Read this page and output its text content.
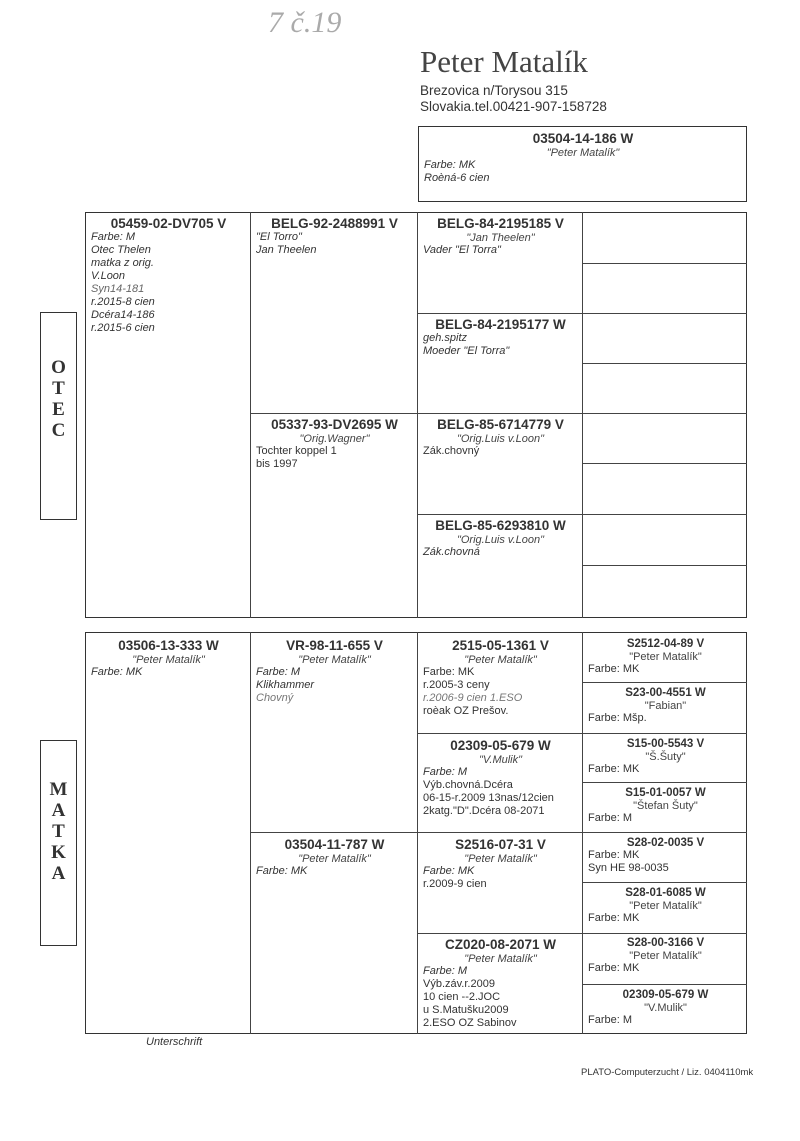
7 č.19
Peter Matalík
Brezovica n/Torysou 315
Slovakia.tel.00421-907-158728
03504-14-186 W
"Peter Matalík"
Farbe: MK
Roèná-6 cien
O
T
E
C
M
A
T
K
A
05459-02-DV705 V
Farbe: M
Otec Thelen
matka z orig.
V.Loon
Syn14-181
r.2015-8 cien
Dcéra14-186
r.2015-6 cien
BELG-92-2488991 V
"El Torro"
Jan Theelen
05337-93-DV2695 W
"Orig.Wagner"
Tochter koppel 1
bis 1997
BELG-84-2195185 V
"Jan Theelen"
Vader "El Torra"
BELG-84-2195177 W
geh.spitz
Moeder "El Torra"
BELG-85-6714779 V
"Orig.Luis v.Loon"
Zák.chovný
BELG-85-6293810 W
"Orig.Luis v.Loon"
Zák.chovná
03506-13-333 W
"Peter Matalík"
Farbe: MK
VR-98-11-655 V
"Peter Matalík"
Farbe: M
Klikhammer
Chovný
03504-11-787 W
"Peter Matalík"
Farbe: MK
2515-05-1361 V
"Peter Matalík"
Farbe: MK
r.2005-3 ceny
r.2006-9 cien 1.ESO
roèak OZ Prešov.
02309-05-679 W
"V.Mulik"
Farbe: M
Výb.chovná.Dcéra
06-15-r.2009 13nas/12cien
2katg."D".Dcéra 08-2071
S2516-07-31 V
"Peter Matalík"
Farbe: MK
r.2009-9 cien
CZ020-08-2071 W
"Peter Matalík"
Farbe: M
Výb.záv.r.2009
10 cien --2.JOC
u S.Matušku2009
2.ESO OZ Sabinov
S2512-04-89 V
"Peter Matalík"
Farbe: MK
S23-00-4551 W
"Fabian"
Farbe: Mšp.
S15-00-5543 V
"Š.Šuty"
Farbe: MK
S15-01-0057 W
"Štefan Šuty"
Farbe: M
S28-02-0035 V
Farbe: MK
Syn HE 98-0035
S28-01-6085 W
"Peter Matalík"
Farbe: MK
S28-00-3166 V
"Peter Matalík"
Farbe: MK
02309-05-679 W
"V.Mulik"
Farbe: M
Unterschrift
PLATO-Computerzucht / Liz. 0404110mk
